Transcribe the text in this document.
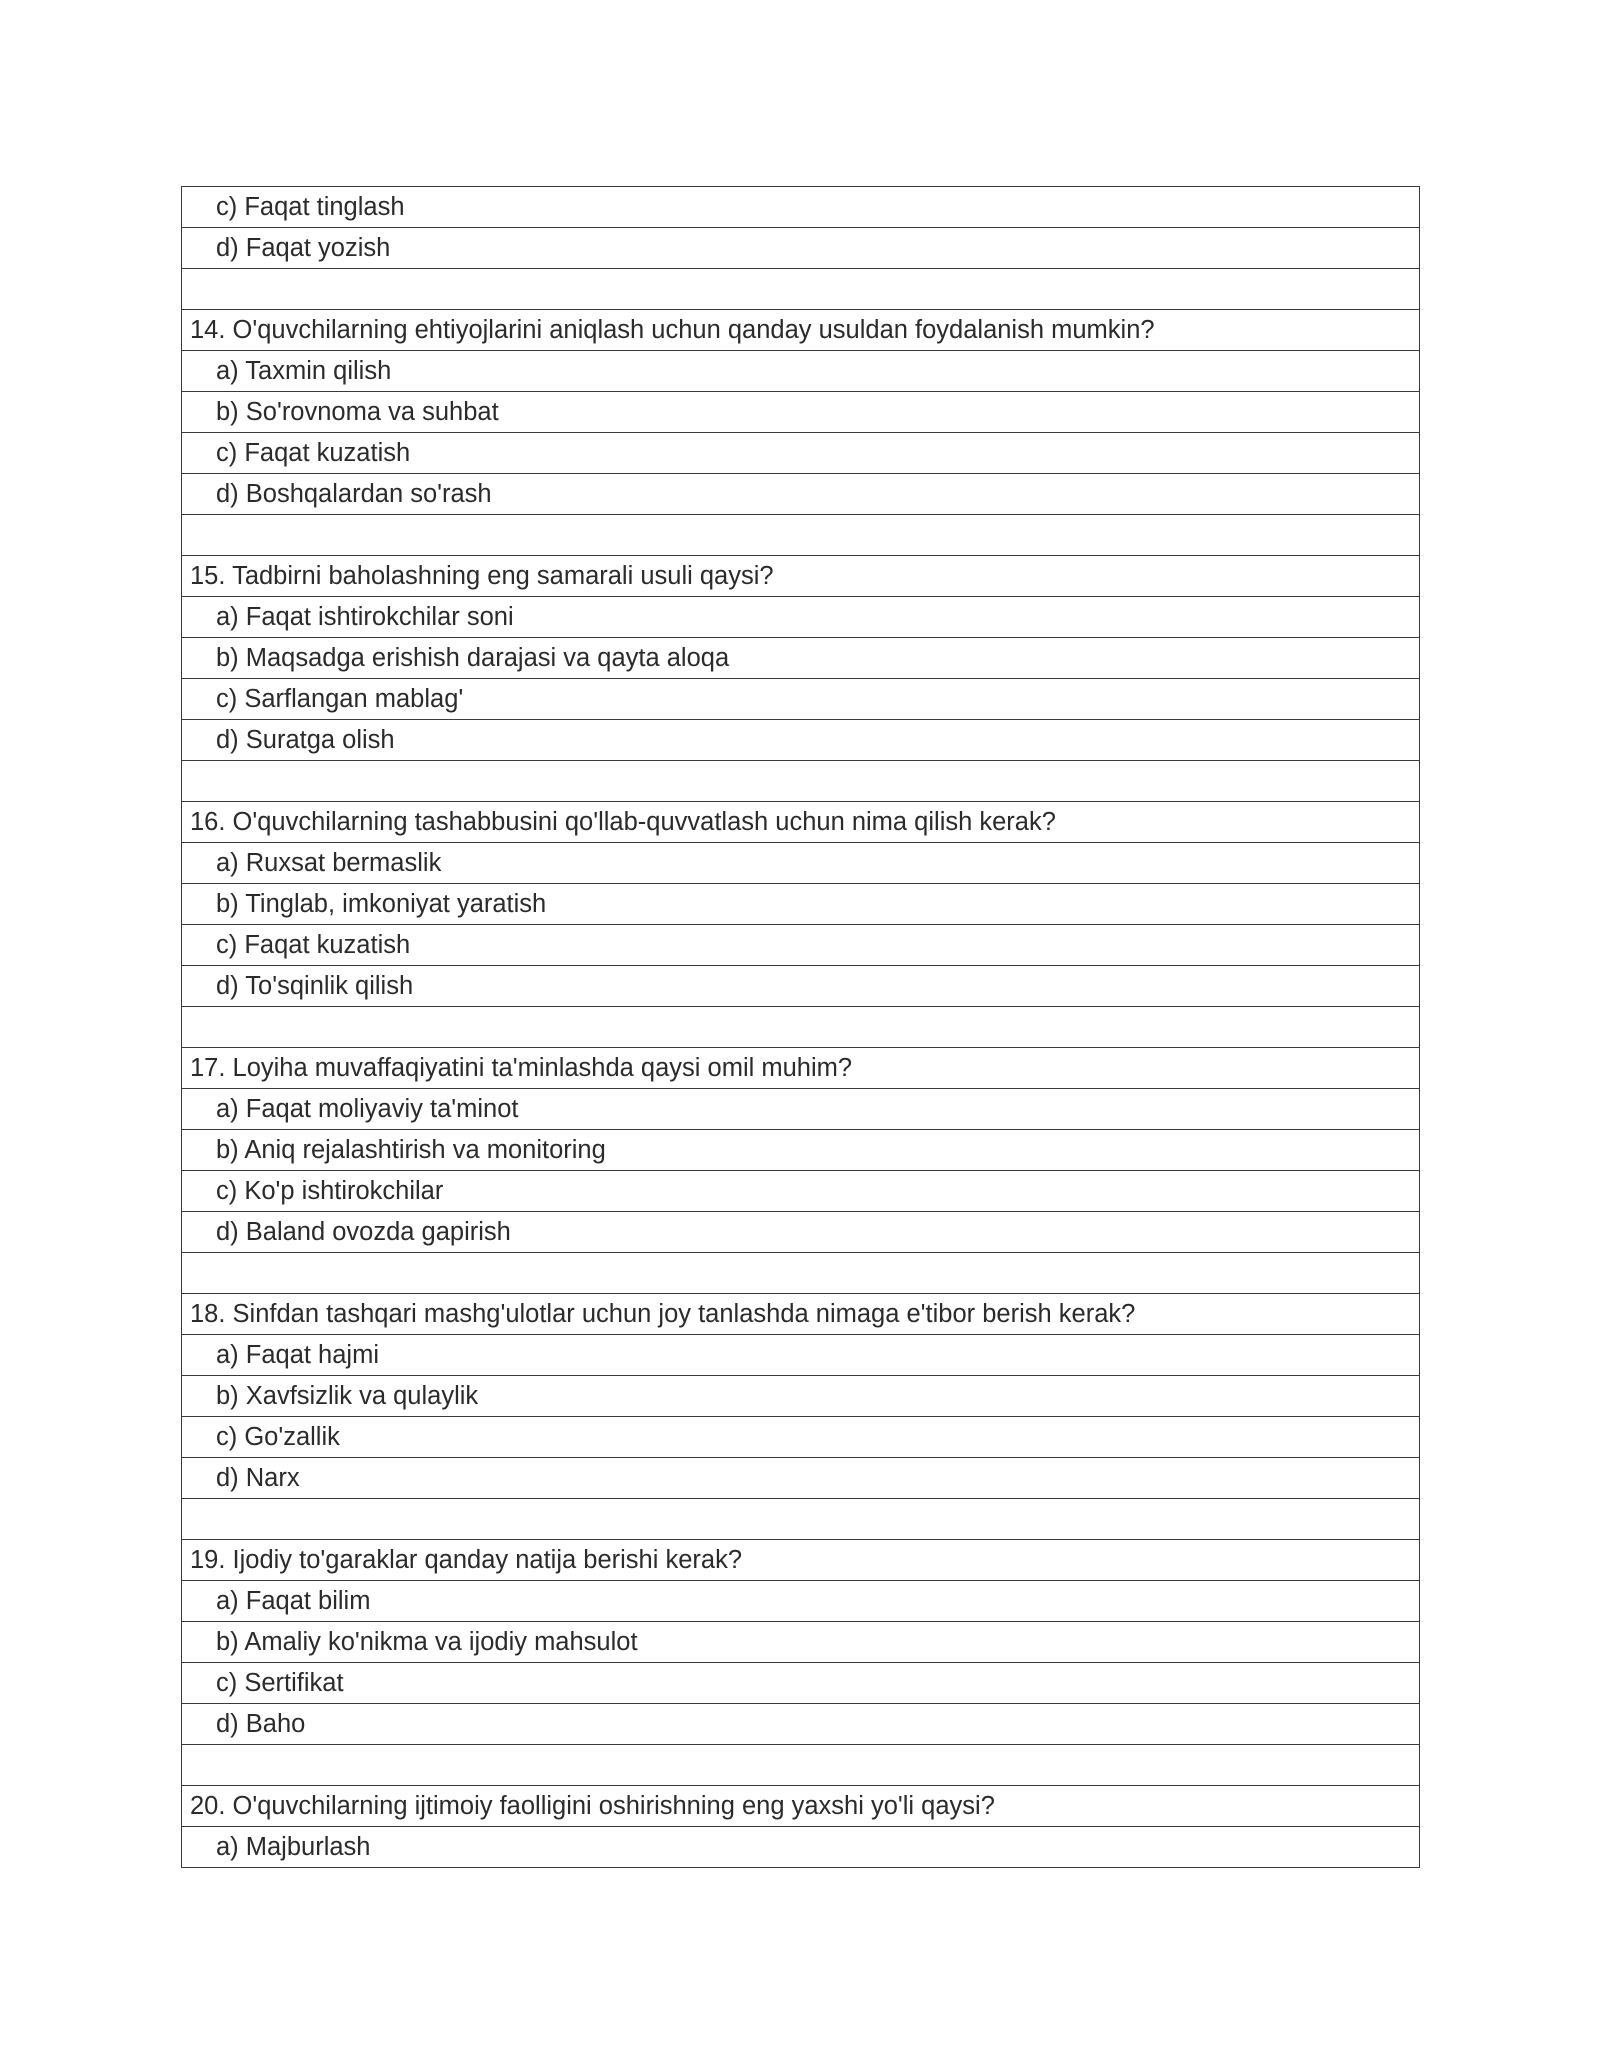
c) Faqat tinglash
d) Faqat yozish

14. O'quvchilarning ehtiyojlarini aniqlash uchun qanday usuldan foydalanish mumkin?
a) Taxmin qilish
b) So'rovnoma va suhbat
c) Faqat kuzatish
d) Boshqalardan so'rash

15. Tadbirni baholashning eng samarali usuli qaysi?
a) Faqat ishtirokchilar soni
b) Maqsadga erishish darajasi va qayta aloqa
c) Sarflangan mablag'
d) Suratga olish

16. O'quvchilarning tashabbusini qo'llab-quvvatlash uchun nima qilish kerak?
a) Ruxsat bermaslik
b) Tinglab, imkoniyat yaratish
c) Faqat kuzatish
d) To'sqinlik qilish

17. Loyiha muvaffaqiyatini ta'minlashda qaysi omil muhim?
a) Faqat moliyaviy ta'minot
b) Aniq rejalashtirish va monitoring
c) Ko'p ishtirokchilar
d) Baland ovozda gapirish

18. Sinfdan tashqari mashg'ulotlar uchun joy tanlashda nimaga e'tibor berish kerak?
a) Faqat hajmi
b) Xavfsizlik va qulaylik
c) Go'zallik
d) Narx

19. Ijodiy to'garaklar qanday natija berishi kerak?
a) Faqat bilim
b) Amaliy ko'nikma va ijodiy mahsulot
c) Sertifikat
d) Baho

20. O'quvchilarning ijtimoiy faolligini oshirishning eng yaxshi yo'li qaysi?
a) Majburlash
